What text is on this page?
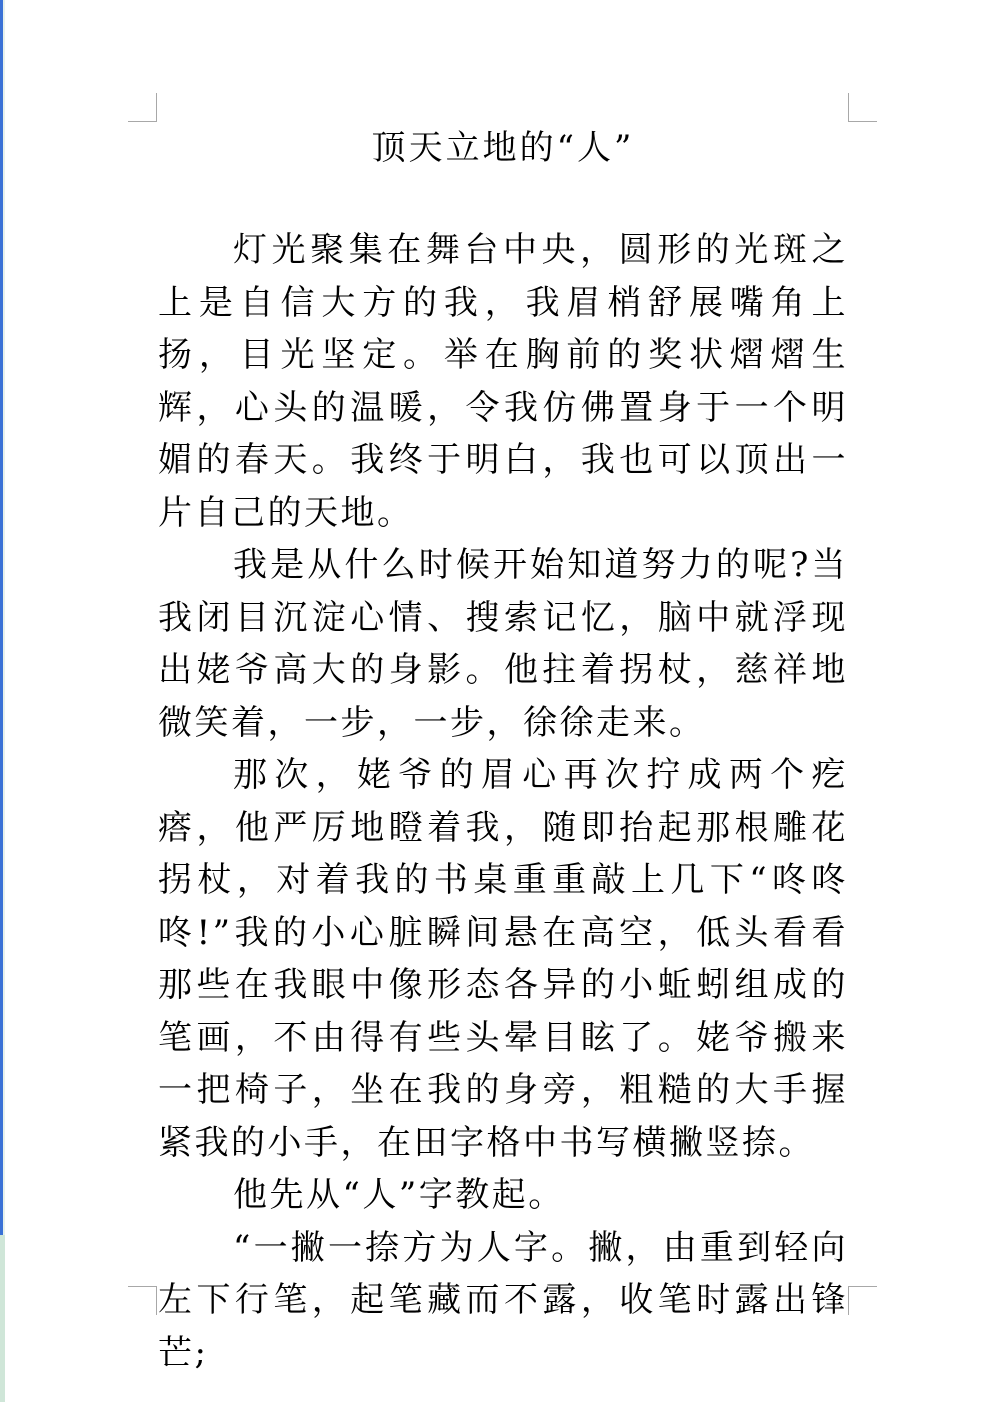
顶天立地的“人”

灯光聚集在舞台中央，圆形的光斑之上是自信大方的我，我眉梢舒展嘴角上扬，目光坚定。举在胸前的奖状熠熠生辉，心头的温暖，令我仿佛置身于一个明媚的春天。我终于明白，我也可以顶出一片自己的天地。

我是从什么时候开始知道努力的呢?当我闭目沉淀心情、搜索记忆，脑中就浮现出姥爷高大的身影。他拄着拐杖，慈祥地微笑着，一步，一步，徐徐走来。

那次，姥爷的眉心再次拧成两个疙瘩，他严厉地瞪着我，随即抬起那根雕花拐杖，对着我的书桌重重敲上几下“咚咚咚!”我的小心脏瞬间悬在高空，低头看看那些在我眼中像形态各异的小蚯蚓组成的笔画，不由得有些头晕目眩了。姥爷搬来一把椅子，坐在我的身旁，粗糙的大手握紧我的小手，在田字格中书写横撇竖捺。

他先从“人”字教起。

“一撇一捺方为人字。撇，由重到轻向左下行笔，起笔藏而不露，收笔时露出锋芒;
